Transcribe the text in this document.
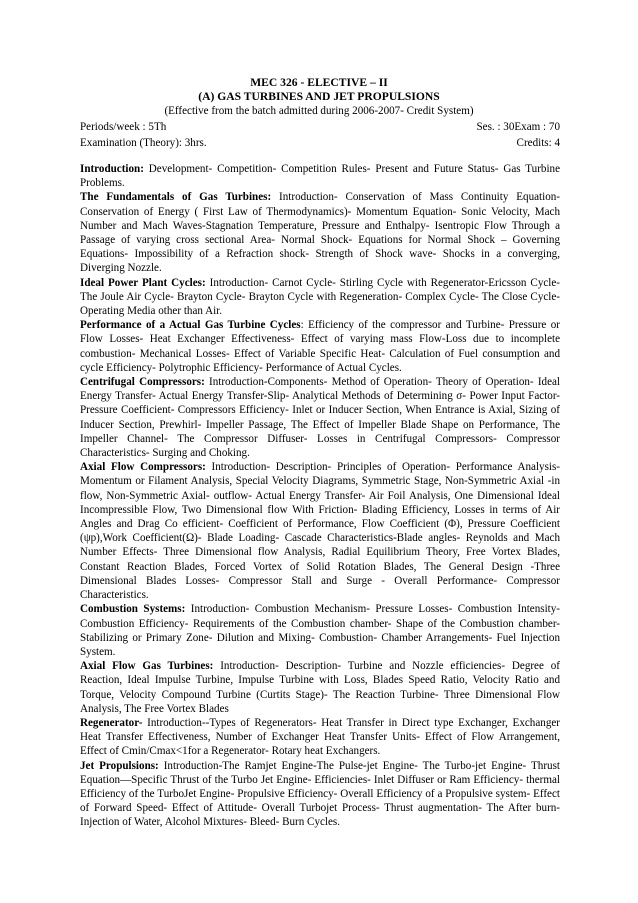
MEC 326 - ELECTIVE – II
(A) GAS TURBINES AND JET PROPULSIONS
(Effective from the batch admitted during 2006-2007- Credit System)
Periods/week : 5Th	Ses. : 30Exam : 70
Examination (Theory): 3hrs.	Credits: 4

Introduction: Development- Competition- Competition Rules- Present and Future Status- Gas Turbine Problems.

The Fundamentals of Gas Turbines: Introduction- Conservation of Mass Continuity Equation- Conservation of Energy ( First Law of Thermodynamics)- Momentum Equation- Sonic Velocity, Mach Number and Mach Waves-Stagnation Temperature, Pressure and Enthalpy- Isentropic Flow Through a Passage of varying cross sectional Area- Normal Shock- Equations for Normal Shock – Governing Equations- Impossibility of a Refraction shock- Strength of Shock wave- Shocks in a converging, Diverging Nozzle.

Ideal Power Plant Cycles: Introduction- Carnot Cycle- Stirling Cycle with Regenerator-Ericsson Cycle- The Joule Air Cycle- Brayton Cycle- Brayton Cycle with Regeneration- Complex Cycle- The Close Cycle- Operating Media other than Air.

Performance of a Actual Gas Turbine Cycles: Efficiency of the compressor and Turbine- Pressure or Flow Losses- Heat Exchanger Effectiveness- Effect of varying mass Flow-Loss due to incomplete combustion- Mechanical Losses- Effect of Variable Specific Heat- Calculation of Fuel consumption and cycle Efficiency- Polytrophic Efficiency- Performance of Actual Cycles.

Centrifugal Compressors: Introduction-Components- Method of Operation- Theory of Operation- Ideal Energy Transfer- Actual Energy Transfer-Slip- Analytical Methods of Determining σ- Power Input Factor- Pressure Coefficient- Compressors Efficiency- Inlet or Inducer Section, When Entrance is Axial, Sizing of Inducer Section, Prewhirl- Impeller Passage, The Effect of Impeller Blade Shape on Performance, The Impeller Channel- The Compressor Diffuser- Losses in Centrifugal Compressors- Compressor Characteristics- Surging and Choking.

Axial Flow Compressors: Introduction- Description- Principles of Operation- Performance Analysis- Momentum or Filament Analysis, Special Velocity Diagrams, Symmetric Stage, Non-Symmetric Axial -in flow, Non-Symmetric Axial- outflow- Actual Energy Transfer- Air Foil Analysis, One Dimensional Ideal Incompressible Flow, Two Dimensional flow With Friction- Blading Efficiency, Losses in terms of Air Angles and Drag Co efficient- Coefficient of Performance, Flow Coefficient (Φ), Pressure Coefficient (ψp),Work Coefficient(Ω)- Blade Loading- Cascade Characteristics-Blade angles- Reynolds and Mach Number Effects- Three Dimensional flow Analysis, Radial Equilibrium Theory, Free Vortex Blades, Constant Reaction Blades, Forced Vortex of Solid Rotation Blades, The General Design -Three Dimensional Blades Losses- Compressor Stall and Surge - Overall Performance- Compressor Characteristics.

Combustion Systems: Introduction- Combustion Mechanism- Pressure Losses- Combustion Intensity- Combustion Efficiency- Requirements of the Combustion chamber- Shape of the Combustion chamber- Stabilizing or Primary Zone- Dilution and Mixing- Combustion- Chamber Arrangements- Fuel Injection System.

Axial Flow Gas Turbines: Introduction- Description- Turbine and Nozzle efficiencies- Degree of Reaction, Ideal Impulse Turbine, Impulse Turbine with Loss, Blades Speed Ratio, Velocity Ratio and Torque, Velocity Compound Turbine (Curtits Stage)- The Reaction Turbine- Three Dimensional Flow Analysis, The Free Vortex Blades

Regenerator- Introduction--Types of Regenerators- Heat Transfer in Direct type Exchanger, Exchanger Heat Transfer Effectiveness, Number of Exchanger Heat Transfer Units- Effect of Flow Arrangement, Effect of Cmin/Cmax<1for a Regenerator- Rotary heat Exchangers.

Jet Propulsions: Introduction-The Ramjet Engine-The Pulse-jet Engine- The Turbo-jet Engine- Thrust Equation—Specific Thrust of the Turbo Jet Engine- Efficiencies- Inlet Diffuser or Ram Efficiency- thermal Efficiency of the TurboJet Engine- Propulsive Efficiency- Overall Efficiency of a Propulsive system- Effect of Forward Speed- Effect of Attitude- Overall Turbojet Process- Thrust augmentation- The After burn-Injection of Water, Alcohol Mixtures- Bleed- Burn Cycles.
